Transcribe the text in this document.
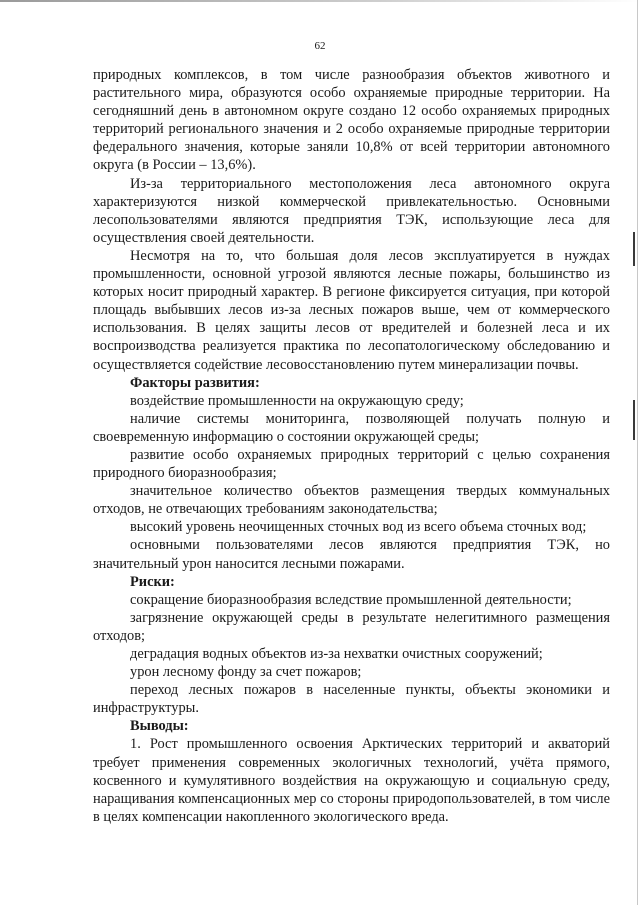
62

природных комплексов, в том числе разнообразия объектов животного и растительного мира, образуются особо охраняемые природные территории. На сегодняшний день в автономном округе создано 12 особо охраняемых природных территорий регионального значения и 2 особо охраняемые природные территории федерального значения, которые заняли 10,8% от всей территории автономного округа (в России – 13,6%).

Из-за территориального местоположения леса автономного округа характеризуются низкой коммерческой привлекательностью. Основными лесопользователями являются предприятия ТЭК, использующие леса для осуществления своей деятельности.

Несмотря на то, что большая доля лесов эксплуатируется в нуждах промышленности, основной угрозой являются лесные пожары, большинство из которых носит природный характер. В регионе фиксируется ситуация, при которой площадь выбывших лесов из-за лесных пожаров выше, чем от коммерческого использования. В целях защиты лесов от вредителей и болезней леса и их воспроизводства реализуется практика по лесопатологическому обследованию и осуществляется содействие лесовосстановлению путем минерализации почвы.

Факторы развития:

воздействие промышленности на окружающую среду;

наличие системы мониторинга, позволяющей получать полную и своевременную информацию о состоянии окружающей среды;

развитие особо охраняемых природных территорий с целью сохранения природного биоразнообразия;

значительное количество объектов размещения твердых коммунальных отходов, не отвечающих требованиям законодательства;

высокий уровень неочищенных сточных вод из всего объема сточных вод;

основными пользователями лесов являются предприятия ТЭК, но значительный урон наносится лесными пожарами.

Риски:

сокращение биоразнообразия вследствие промышленной деятельности;

загрязнение окружающей среды в результате нелегитимного размещения отходов;

деградация водных объектов из-за нехватки очистных сооружений;

урон лесному фонду за счет пожаров;

переход лесных пожаров в населенные пункты, объекты экономики и инфраструктуры.

Выводы:

1. Рост промышленного освоения Арктических территорий и акваторий требует применения современных экологичных технологий, учёта прямого, косвенного и кумулятивного воздействия на окружающую и социальную среду, наращивания компенсационных мер со стороны природопользователей, в том числе в целях компенсации накопленного экологического вреда.
